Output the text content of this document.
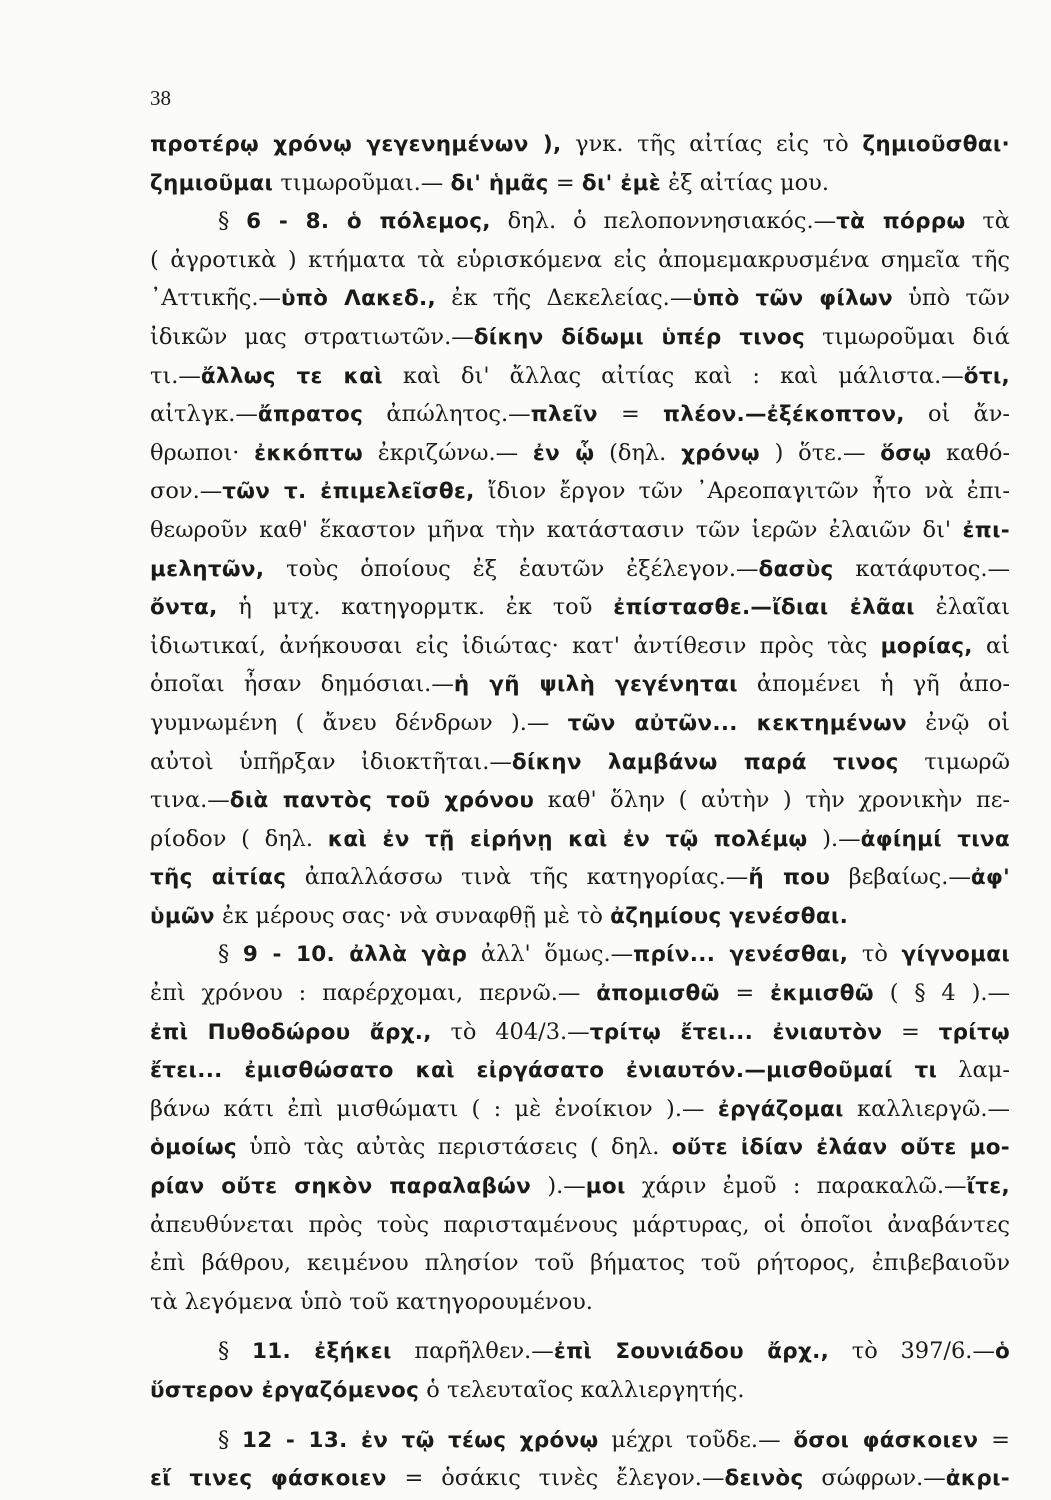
38
προτέρῳ χρόνῳ γεγενημένων ), γνκ. τῆς αἰτίας εἰς τὸ ζημιοῦσθαι·
ζημιοῦμαι τιμωροῦμαι.— δι' ἡμᾶς = δι' ἐμὲ ἐξ αἰτίας μου.
§ 6 - 8. ὁ πόλεμος, δηλ. ὁ πελοποννησιακός.—τὰ πόρρω τὰ
( ἀγροτικὰ ) κτήματα τὰ εὑρισκόμενα εἰς ἀπομεμακρυσμένα σημεῖα τῆς
᾿Αττικῆς.—ὑπὸ Λακεδ., ἐκ τῆς Δεκελείας.—ὑπὸ τῶν φίλων ὑπὸ τῶν
ἰδικῶν μας στρατιωτῶν.—δίκην δίδωμι ὑπέρ τινος τιμωροῦμαι διά
τι.—ἄλλως τε καὶ καὶ δι' ἄλλας αἰτίας καὶ : καὶ μάλιστα.—ὅτι,
αἰτλγκ.—ἄπρατος ἀπώλητος.—πλεῖν = πλέον.—ἐξέκοπτον, οἱ ἄν-
θρωποι· ἐκκόπτω ἐκριζώνω.— ἐν ᾧ (δηλ. χρόνῳ ) ὅτε.— ὅσῳ καθό-
σον.—τῶν τ. ἐπιμελεῖσθε, ἴδιον ἔργον τῶν ᾿Αρεοπαγιτῶν ἦτο νὰ ἐπι-
θεωροῦν καθ' ἕκαστον μῆνα τὴν κατάστασιν τῶν ἱερῶν ἐλαιῶν δι' ἐπι-
μελητῶν, τοὺς ὁποίους ἐξ ἑαυτῶν ἐξέλεγον.—δασὺς κατάφυτος.—
ὄντα, ἡ μτχ. κατηγορμτκ. ἐκ τοῦ ἐπίστασθε.—ἴδιαι ἐλᾶαι ἐλαῖαι
ἰδιωτικαί, ἀνήκουσαι εἰς ἰδιώτας· κατ' ἀντίθεσιν πρὸς τὰς μορίας, αἱ
ὁποῖαι ἦσαν δημόσιαι.—ἡ γῆ ψιλὴ γεγένηται ἀπομένει ἡ γῆ ἀπο-
γυμνωμένη ( ἄνευ δένδρων ).— τῶν αὐτῶν... κεκτημένων ἐνῷ οἱ
αὐτοὶ ὑπῆρξαν ἰδιοκτῆται.—δίκην λαμβάνω παρά τινος τιμωρῶ
τινα.—διὰ παντὸς τοῦ χρόνου καθ' ὅλην ( αὐτὴν ) τὴν χρονικὴν πε-
ρίοδον ( δηλ. καὶ ἐν τῇ εἰρήνῃ καὶ ἐν τῷ πολέμῳ ).—ἀφίημί τινα
τῆς αἰτίας ἀπαλλάσσω τινὰ τῆς κατηγορίας.—ἤ που βεβαίως.—ἀφ'
ὑμῶν ἐκ μέρους σας· νὰ συναφθῇ μὲ τὸ ἀζημίους γενέσθαι.
§ 9 - 10. ἀλλὰ γὰρ ἀλλ' ὅμως.—πρίν... γενέσθαι, τὸ γίγνομαι
ἐπὶ χρόνου : παρέρχομαι, περνῶ.— ἀπομισθῶ = ἐκμισθῶ ( § 4 ).—
ἐπὶ Πυθοδώρου ἄρχ., τὸ 404/3.—τρίτῳ ἔτει... ἐνιαυτὸν = τρίτῳ
ἔτει... ἐμισθώσατο καὶ εἰργάσατο ἐνιαυτόν.—μισθοῦμαί τι λαμ-
βάνω κάτι ἐπὶ μισθώματι ( : μὲ ἐνοίκιον ).— ἐργάζομαι καλλιεργῶ.—
ὁμοίως ὑπὸ τὰς αὐτὰς περιστάσεις ( δηλ. οὔτε ἰδίαν ἐλάαν οὔτε μο-
ρίαν οὔτε σηκὸν παραλαβών ).—μοι χάριν ἐμοῦ : παρακαλῶ.—ἴτε,
ἀπευθύνεται πρὸς τοὺς παρισταμένους μάρτυρας, οἱ ὁποῖοι ἀναβάντες
ἐπὶ βάθρου, κειμένου πλησίον τοῦ βήματος τοῦ ρήτορος, ἐπιβεβαιοῦν
τὰ λεγόμενα ὑπὸ τοῦ κατηγορουμένου.
§ 11. ἐξήκει παρῆλθεν.—ἐπὶ Σουνιάδου ἄρχ., τὸ 397/6.—ὁ
ὕστερον ἐργαζόμενος ὁ τελευταῖος καλλιεργητής.
§ 12 - 13. ἐν τῷ τέως χρόνῳ μέχρι τοῦδε.— ὅσοι φάσκοιεν =
εἴ τινες φάσκοιεν = ὁσάκις τινὲς ἔλεγον.—δεινὸς σώφρων.—ἀκρι-
